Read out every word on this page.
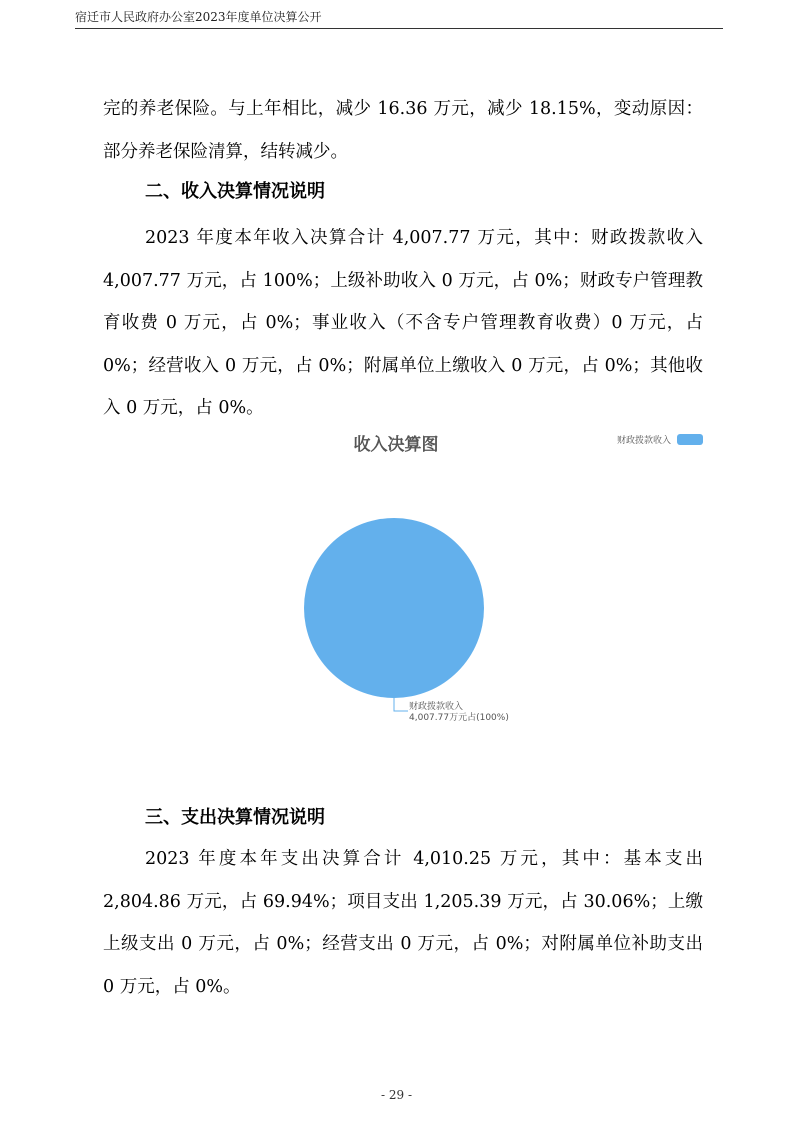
宿迁市人民政府办公室2023年度单位决算公开

完的养老保险。与上年相比，减少 16.36 万元，减少 18.15%，变动原因：部分养老保险清算，结转减少。

二、收入决算情况说明

2023 年度本年收入决算合计 4,007.77 万元，其中：财政拨款收入 4,007.77 万元，占 100%；上级补助收入 0 万元，占 0%；财政专户管理教育收费 0 万元，占 0%；事业收入（不含专户管理教育收费）0 万元，占 0%；经营收入 0 万元，占 0%；附属单位上缴收入 0 万元，占 0%；其他收入 0 万元，占 0%。

收入决算图	财政拨款收入
财政拨款收入
4,007.77万元占(100%)
三、支出决算情况说明

2023 年度本年支出决算合计 4,010.25 万元，其中：基本支出 2,804.86 万元，占 69.94%；项目支出 1,205.39 万元，占 30.06%；上缴上级支出 0 万元，占 0%；经营支出 0 万元，占 0%；对附属单位补助支出 0 万元，占 0%。

- 29 -
